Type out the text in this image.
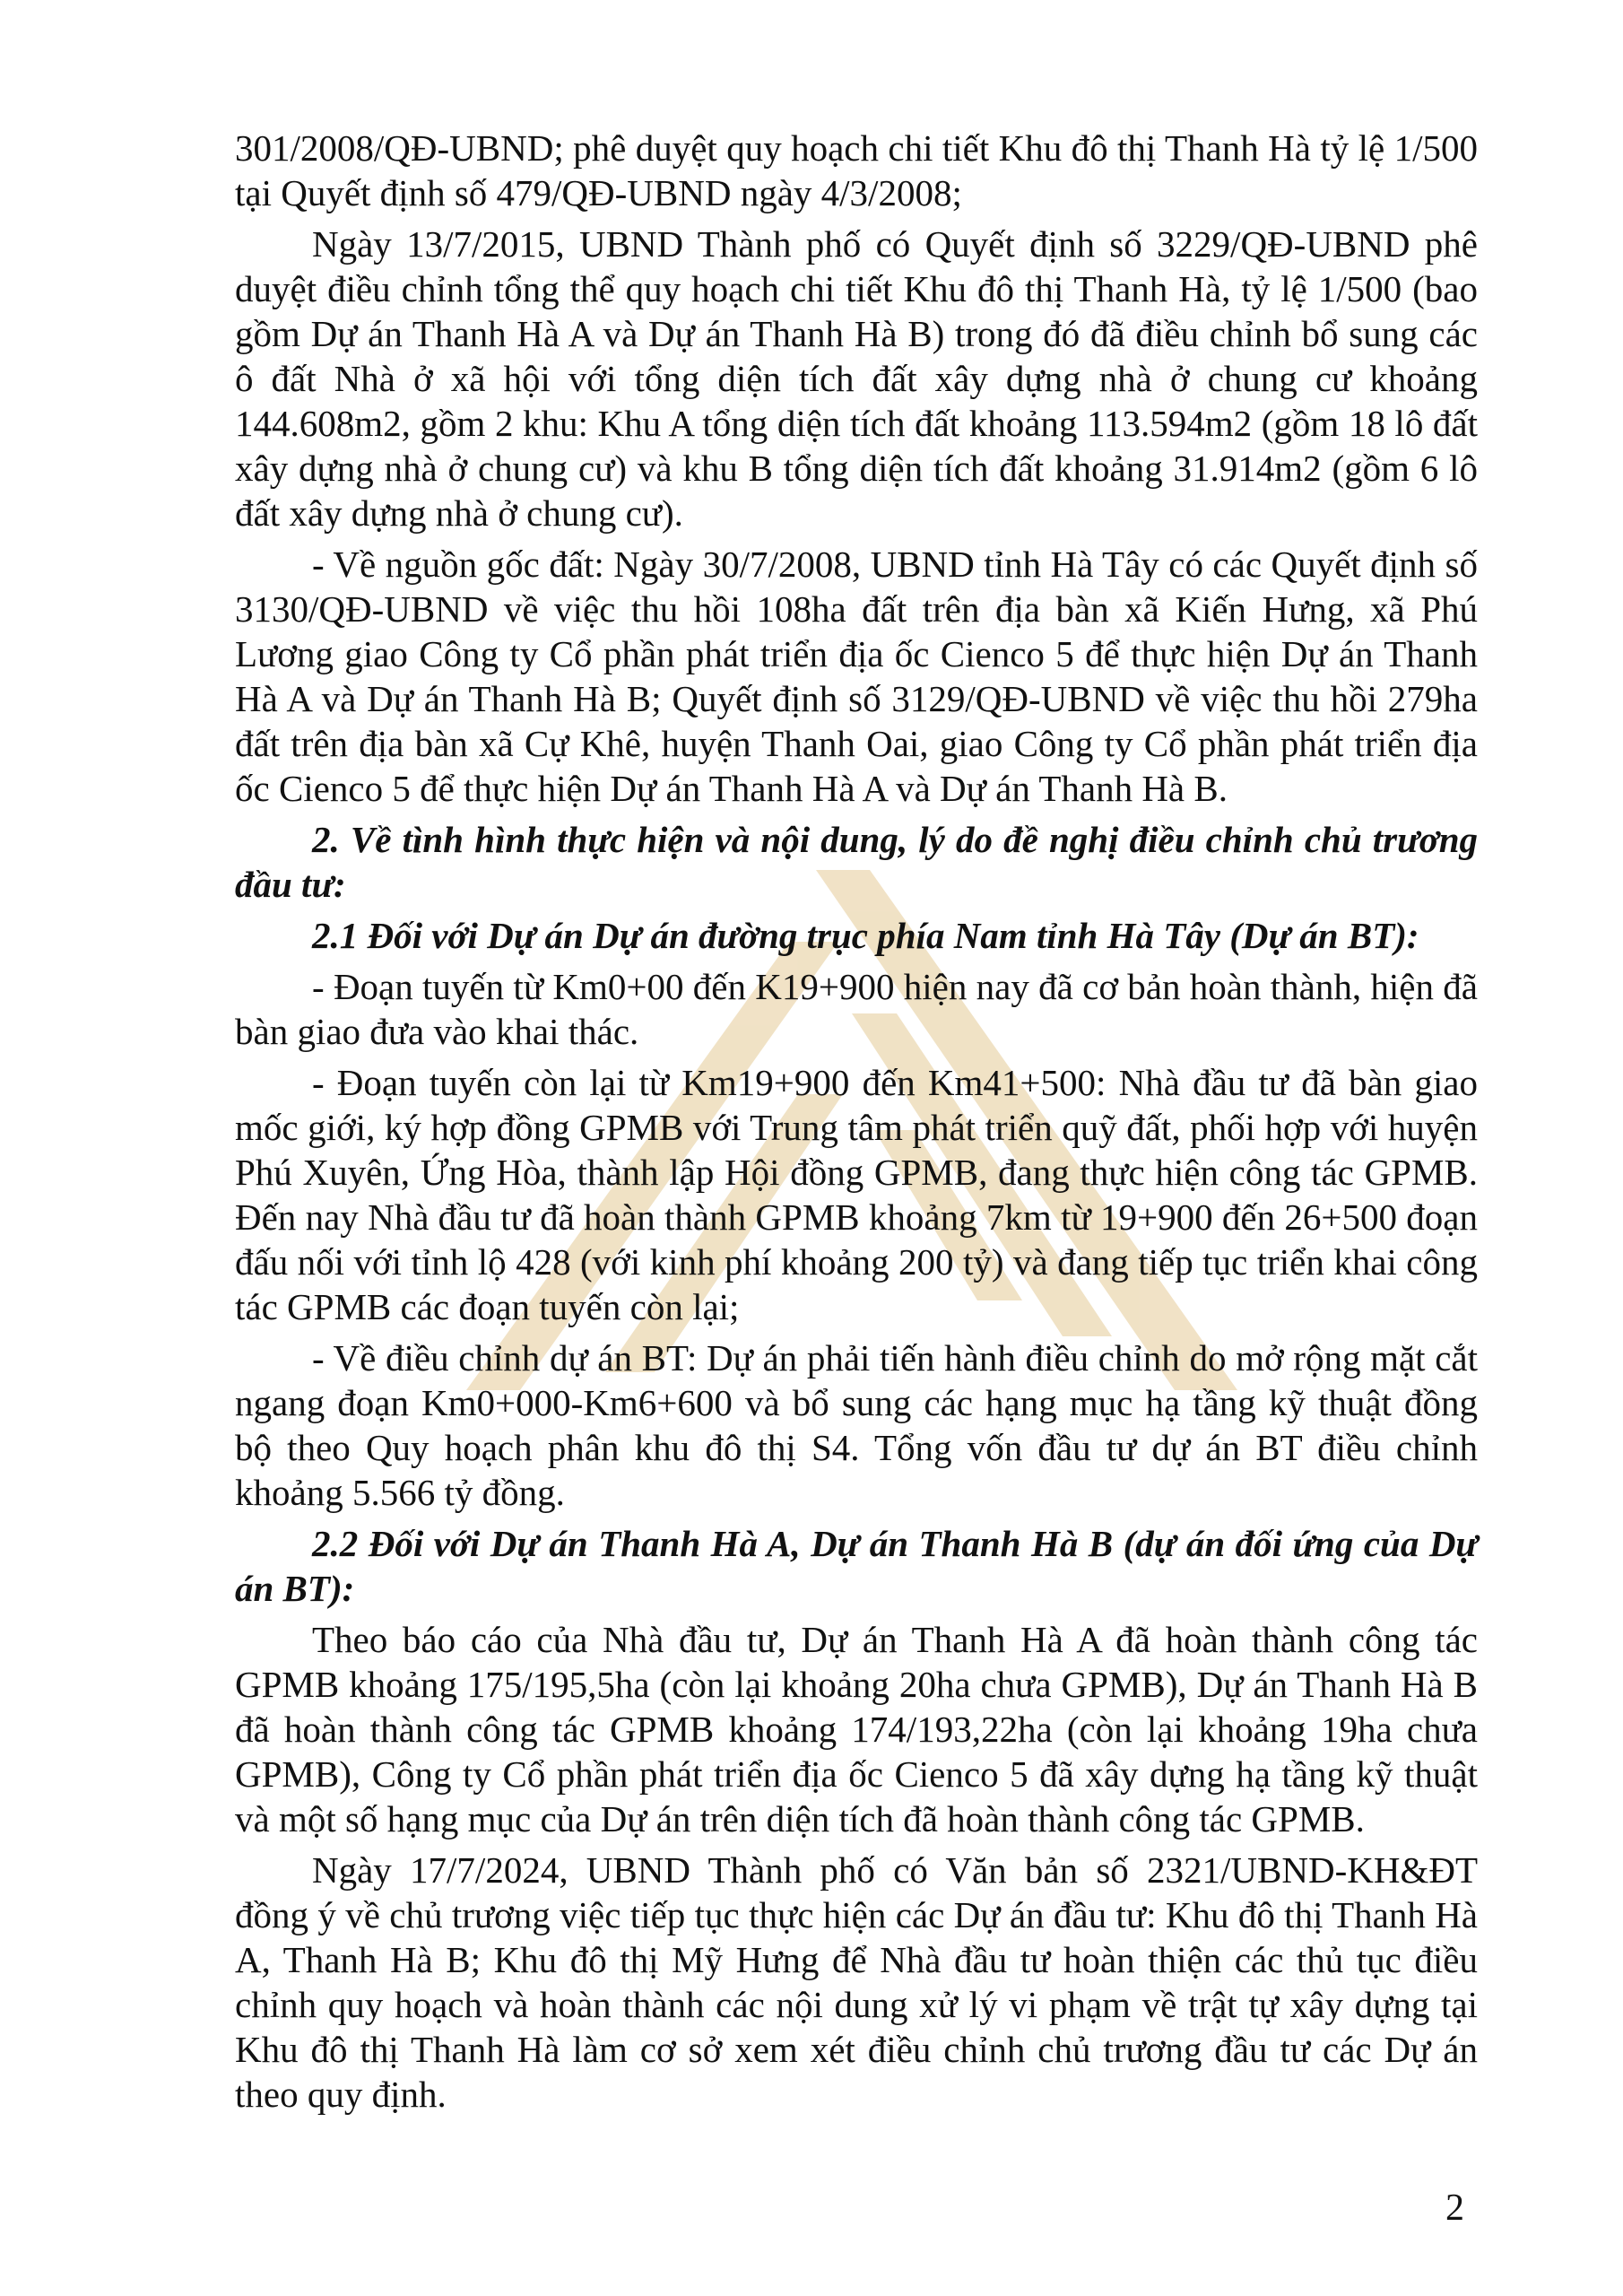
301/2008/QĐ-UBND; phê duyệt quy hoạch chi tiết Khu đô thị Thanh Hà tỷ lệ 1/500 tại Quyết định số 479/QĐ-UBND ngày 4/3/2008;

Ngày 13/7/2015, UBND Thành phố có Quyết định số 3229/QĐ-UBND phê duyệt điều chỉnh tổng thể quy hoạch chi tiết Khu đô thị Thanh Hà, tỷ lệ 1/500 (bao gồm Dự án Thanh Hà A và Dự án Thanh Hà B) trong đó đã điều chỉnh bổ sung các ô đất Nhà ở xã hội với tổng diện tích đất xây dựng nhà ở chung cư khoảng 144.608m2, gồm 2 khu: Khu A tổng diện tích đất khoảng 113.594m2 (gồm 18 lô đất xây dựng nhà ở chung cư) và khu B tổng diện tích đất khoảng 31.914m2 (gồm 6 lô đất xây dựng nhà ở chung cư).

- Về nguồn gốc đất: Ngày 30/7/2008, UBND tỉnh Hà Tây có các Quyết định số 3130/QĐ-UBND về việc thu hồi 108ha đất trên địa bàn xã Kiến Hưng, xã Phú Lương giao Công ty Cổ phần phát triển địa ốc Cienco 5 để thực hiện Dự án Thanh Hà A và Dự án Thanh Hà B; Quyết định số 3129/QĐ-UBND về việc thu hồi 279ha đất trên địa bàn xã Cự Khê, huyện Thanh Oai, giao Công ty Cổ phần phát triển địa ốc Cienco 5 để thực hiện Dự án Thanh Hà A và Dự án Thanh Hà B.

2. Về tình hình thực hiện và nội dung, lý do đề nghị điều chỉnh chủ trương đầu tư:

2.1 Đối với Dự án Dự án đường trục phía Nam tỉnh Hà Tây (Dự án BT):

- Đoạn tuyến từ Km0+00 đến K19+900 hiện nay đã cơ bản hoàn thành, hiện đã bàn giao đưa vào khai thác.

- Đoạn tuyến còn lại từ Km19+900 đến Km41+500: Nhà đầu tư đã bàn giao mốc giới, ký hợp đồng GPMB với Trung tâm phát triển quỹ đất, phối hợp với huyện Phú Xuyên, Ứng Hòa, thành lập Hội đồng GPMB, đang thực hiện công tác GPMB. Đến nay Nhà đầu tư đã hoàn thành GPMB khoảng 7km từ 19+900 đến 26+500 đoạn đấu nối với tỉnh lộ 428 (với kinh phí khoảng 200 tỷ) và đang tiếp tục triển khai công tác GPMB các đoạn tuyến còn lại;

- Về điều chỉnh dự án BT: Dự án phải tiến hành điều chỉnh do mở rộng mặt cắt ngang đoạn Km0+000-Km6+600 và bổ sung các hạng mục hạ tầng kỹ thuật đồng bộ theo Quy hoạch phân khu đô thị S4. Tổng vốn đầu tư dự án BT điều chỉnh khoảng 5.566 tỷ đồng.

2.2 Đối với Dự án Thanh Hà A, Dự án Thanh Hà B (dự án đối ứng của Dự án BT):

Theo báo cáo của Nhà đầu tư, Dự án Thanh Hà A đã hoàn thành công tác GPMB khoảng 175/195,5ha (còn lại khoảng 20ha chưa GPMB), Dự án Thanh Hà B đã hoàn thành công tác GPMB khoảng 174/193,22ha (còn lại khoảng 19ha chưa GPMB), Công ty Cổ phần phát triển địa ốc Cienco 5 đã xây dựng hạ tầng kỹ thuật và một số hạng mục của Dự án trên diện tích đã hoàn thành công tác GPMB.

Ngày 17/7/2024, UBND Thành phố có Văn bản số 2321/UBND-KH&ĐT đồng ý về chủ trương việc tiếp tục thực hiện các Dự án đầu tư: Khu đô thị Thanh Hà A, Thanh Hà B; Khu đô thị Mỹ Hưng để Nhà đầu tư hoàn thiện các thủ tục điều chỉnh quy hoạch và hoàn thành các nội dung xử lý vi phạm về trật tự xây dựng tại Khu đô thị Thanh Hà làm cơ sở xem xét điều chỉnh chủ trương đầu tư các Dự án theo quy định.

2
